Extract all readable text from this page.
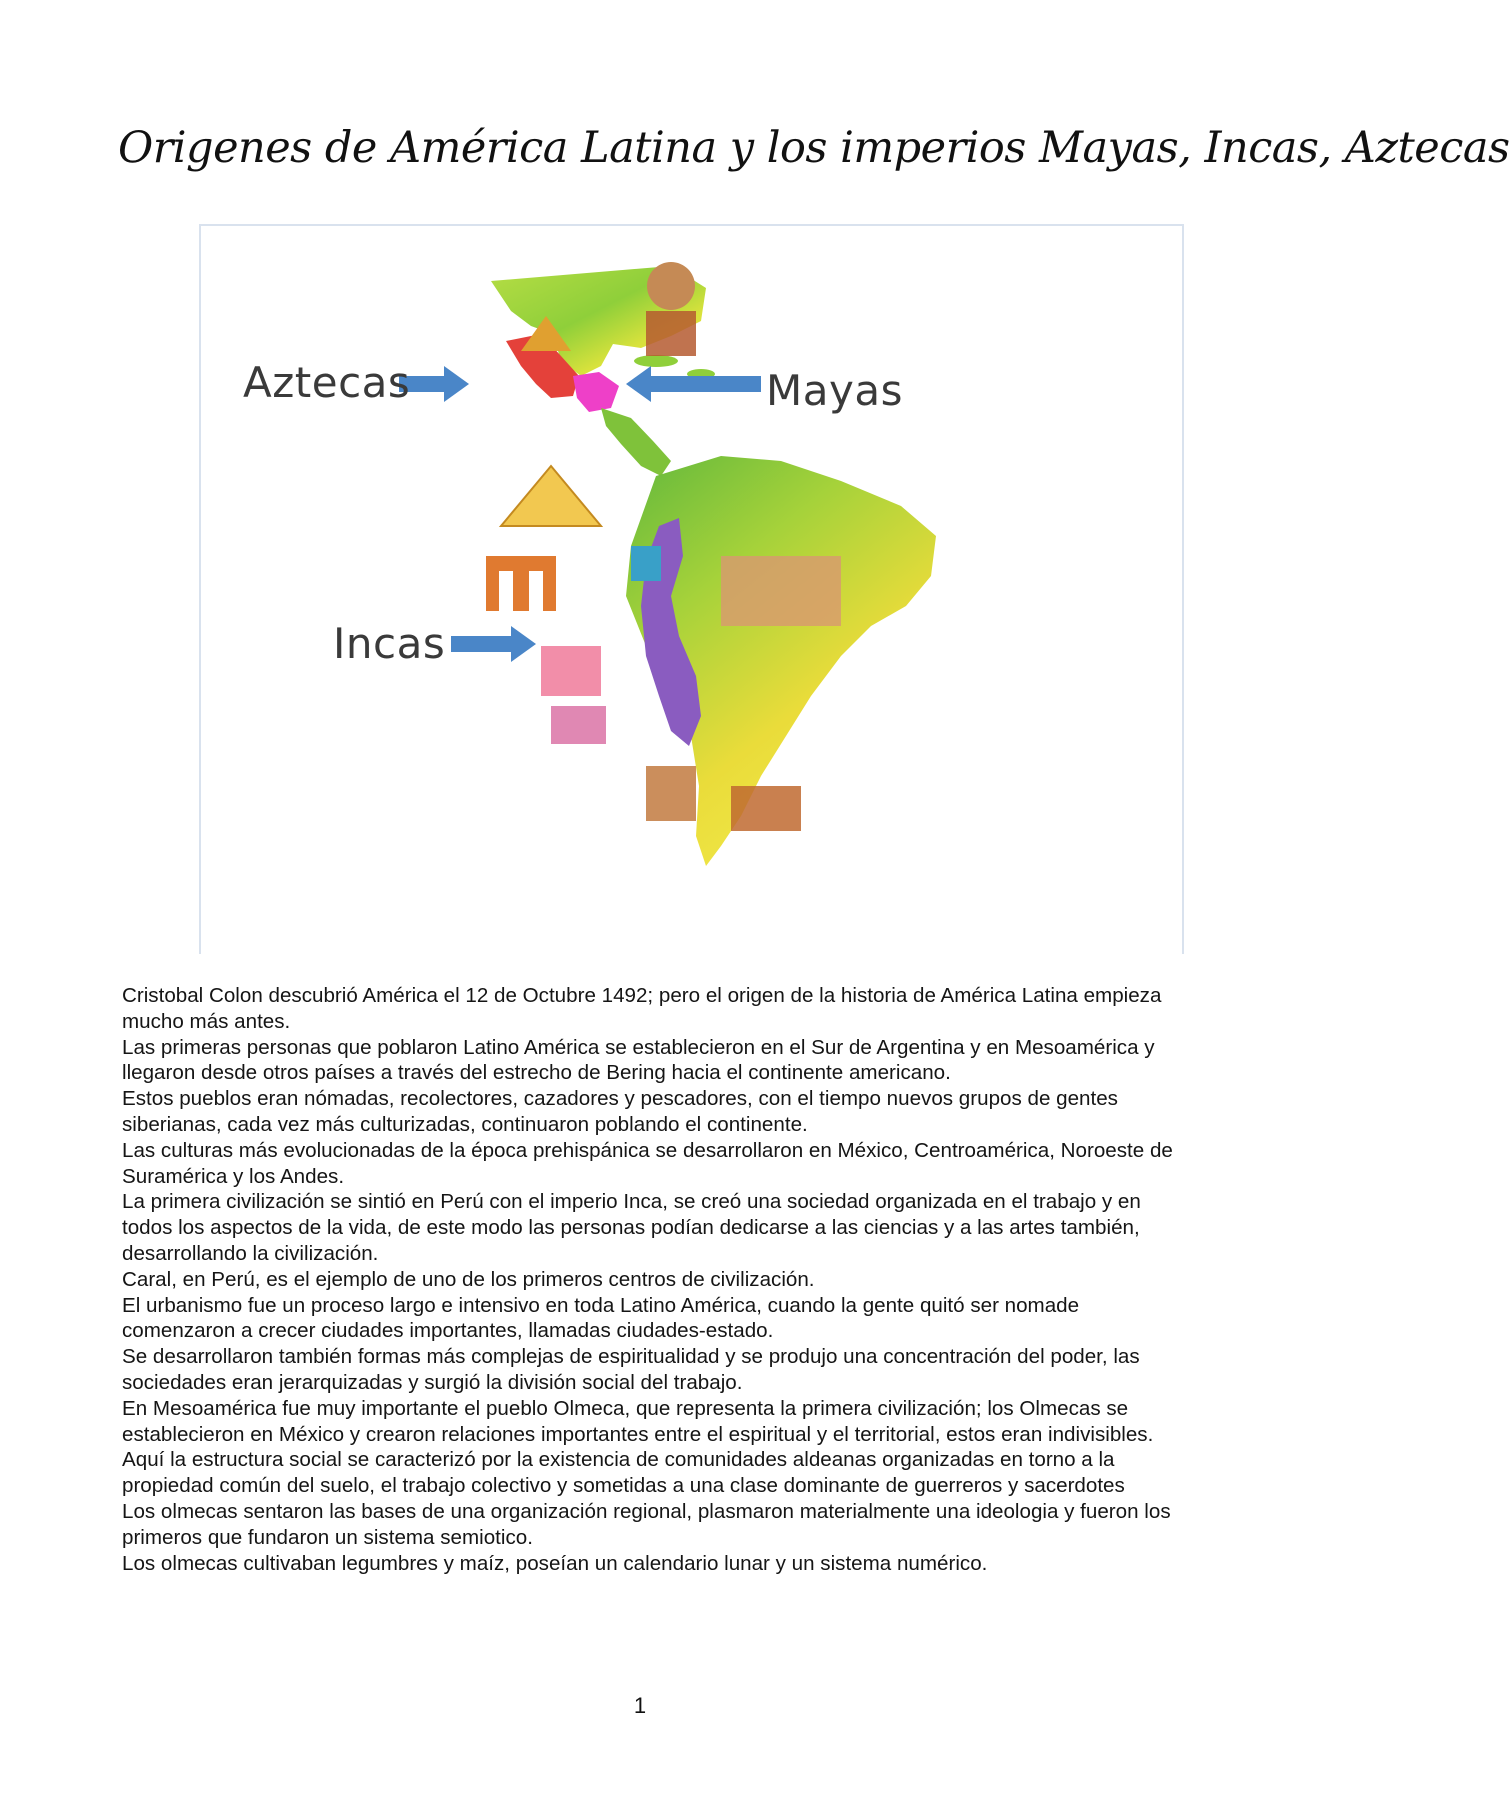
Origenes de América Latina y los imperios Mayas, Incas, Aztecas
Aztecas	Mayas
Incas

Cristobal Colon descubrió América el 12 de Octubre 1492; pero el origen de la historia de América Latina empieza mucho más antes.

Las primeras personas que poblaron Latino América se establecieron en el Sur de Argentina y en Mesoamérica y llegaron desde otros países a través del estrecho de Bering hacia el continente americano.

Estos pueblos eran nómadas, recolectores, cazadores y pescadores, con el tiempo nuevos grupos de gentes siberianas, cada vez más culturizadas, continuaron poblando el continente.

Las culturas más evolucionadas de la época prehispánica se desarrollaron en México, Centroamérica, Noroeste de Suramérica y los Andes.

La primera civilización se sintió en Perú con el imperio Inca, se creó una sociedad organizada en el trabajo y en todos los aspectos de la vida, de este modo las personas podían dedicarse a las ciencias y a las artes también, desarrollando la civilización.

Caral, en Perú, es el ejemplo de uno de los primeros centros de civilización.

El urbanismo fue un proceso largo e intensivo en toda Latino América, cuando la gente quitó ser nomade comenzaron a crecer ciudades importantes, llamadas ciudades-estado.

Se desarrollaron también formas más complejas de espiritualidad y se produjo una concentración del poder, las sociedades eran jerarquizadas y surgió la división social del trabajo.

En Mesoamérica fue muy importante el pueblo Olmeca, que representa la primera civilización; los Olmecas se establecieron en México y crearon relaciones importantes entre el espiritual y el territorial, estos eran indivisibles.

Aquí la estructura social se caracterizó por la existencia de comunidades aldeanas organizadas en torno a la propiedad común del suelo, el trabajo colectivo y sometidas a una clase dominante de guerreros y sacerdotes

Los olmecas sentaron las bases de una organización regional, plasmaron materialmente una ideologia y fueron los primeros que fundaron un sistema semiotico.

Los olmecas cultivaban legumbres y maíz, poseían un calendario lunar y un sistema numérico.

1
